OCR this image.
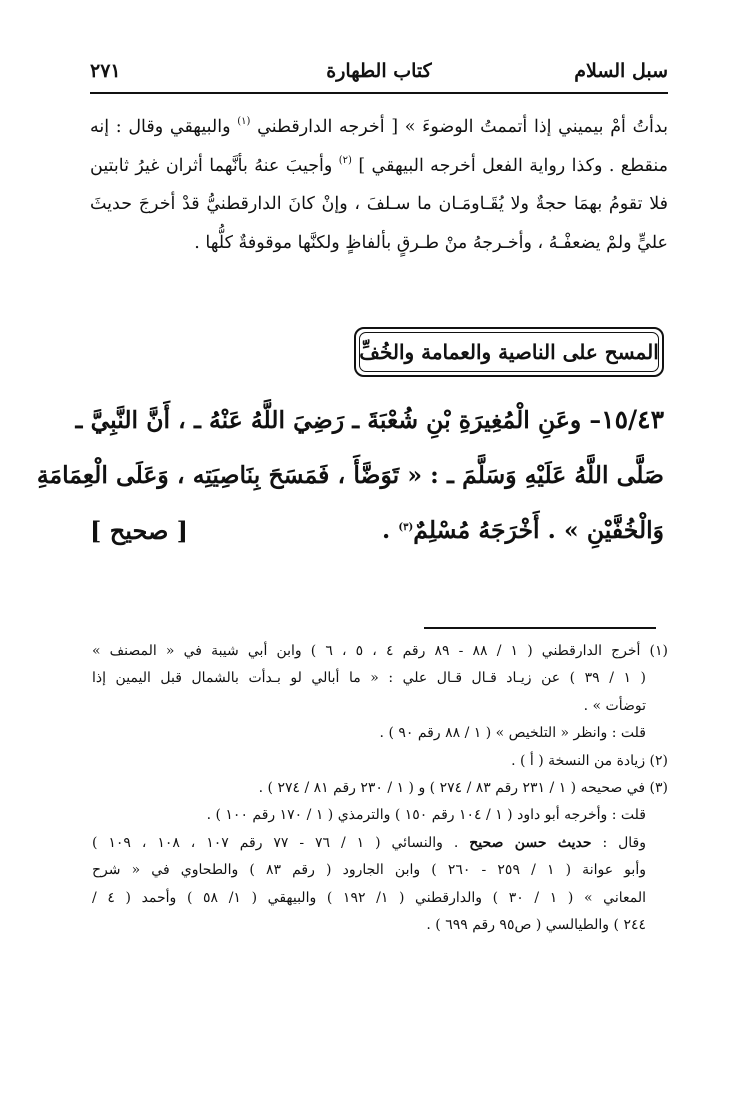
سبل السلام
كتاب الطهارة
٢٧١

بدأتُ أمْ بيميني إذا أتممتُ الوضوءَ » [ أخرجه الدارقطني $^{(١)}$ والبيهقي وقال : إنه منقطع . وكذا رواية الفعل أخرجه البيهقي ] $^{(٢)}$ وأجيبَ عنهُ بأنَّهما أثران غيرُ ثابتين فلا تقومُ بهمَا حجةٌ ولا يُقَـاومَـان ما سـلفَ ، وإنْ كانَ الدارقطنيُّ قدْ أخرجَ حديثَ عليٍّ ولمْ يضعفْـهُ ، وأخـرجهُ منْ طـرقٍ بألفاظٍ ولكنَّها موقوفةٌ كلُّها .

المسح على الناصية والعمامة والخُفِّ
١٥/٤٣– وعَنِ الْمُغِيرَةِ بْنِ شُعْبَةَ ـ رَضِيَ اللَّهُ عَنْهُ ـ ، أَنَّ النَّبِيَّ ـ
صَلَّى اللَّهُ عَلَيْهِ وَسَلَّمَ ـ : « تَوَضَّأَ ، فَمَسَحَ بِنَاصِيَتِه ، وَعَلَى الْعِمَامَةِ
وَالْخُفَّيْنِ » . أَخْرَجَهُ مُسْلِمٌ$^{(٣)}$ .
[ صحيح ]
(١) أخرج الدارقطني ( ١ / ٨٨ - ٨٩ رقم ٤ ، ٥ ، ٦ ) وابن أبي شيبة في « المصنف »
( ١ / ٣٩ ) عن زيـاد قـال قـال علي : « ما أبالي لو بـدأت بالشمال قبل اليمين إذا
توضأت » .
قلت : وانظر « التلخيص » ( ١ / ٨٨ رقم ٩٠ ) .
(٢) زيادة من النسخة ( أ ) .
(٣) في صحيحه ( ١ / ٢٣١ رقم ٨٣ / ٢٧٤ ) و ( ١ / ٢٣٠ رقم ٨١ / ٢٧٤ ) .
قلت : وأخرجه أبو داود ( ١ / ١٠٤ رقم ١٥٠ ) والترمذي ( ١ / ١٧٠ رقم ١٠٠ ) .
وقال : حديث حسن صحيح . والنسائي ( ١ / ٧٦ - ٧٧ رقم ١٠٧ ، ١٠٨ ، ١٠٩ )
وأبو عوانة ( ١ / ٢٥٩ - ٢٦٠ ) وابن الجارود ( رقم ٨٣ ) والطحاوي في « شرح
المعاني » ( ١ / ٣٠ ) والدارقطني ( ١/ ١٩٢ ) والبيهقي ( ١/ ٥٨ ) وأحمد ( ٤ /
٢٤٤ ) والطيالسي ( ص٩٥ رقم ٦٩٩ ) .
